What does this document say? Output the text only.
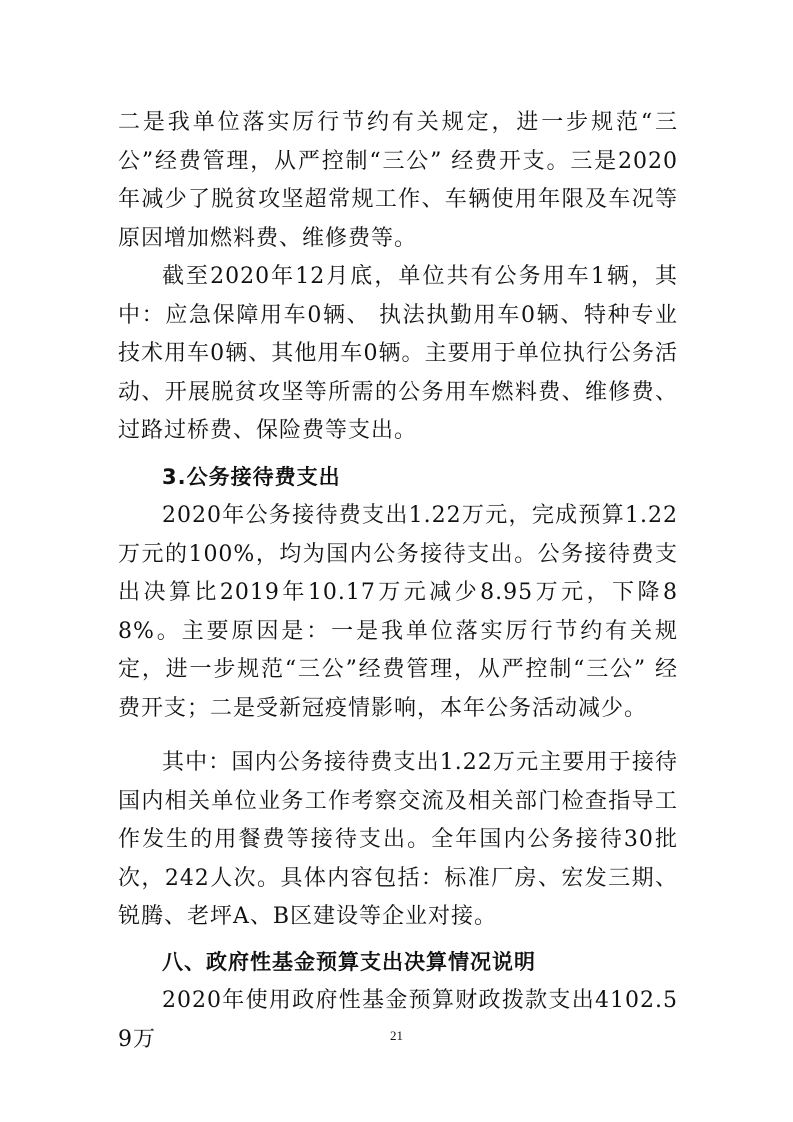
二是我单位落实厉行节约有关规定，进一步规范“三公”经费管理，从严控制“三公” 经费开支。三是2020年减少了脱贫攻坚超常规工作、车辆使用年限及车况等原因增加燃料费、维修费等。

截至2020年12月底，单位共有公务用车1辆，其中：应急保障用车0辆、 执法执勤用车0辆、特种专业技术用车0辆、其他用车0辆。主要用于单位执行公务活动、开展脱贫攻坚等所需的公务用车燃料费、维修费、过路过桥费、保险费等支出。

3.公务接待费支出

2020年公务接待费支出1.22万元，完成预算1.22万元的100%，均为国内公务接待支出。公务接待费支出决算比2019年10.17万元减少8.95万元，下降88%。主要原因是：一是我单位落实厉行节约有关规定，进一步规范“三公”经费管理，从严控制“三公” 经费开支；二是受新冠疫情影响，本年公务活动减少。

其中：国内公务接待费支出1.22万元主要用于接待国内相关单位业务工作考察交流及相关部门检查指导工作发生的用餐费等接待支出。全年国内公务接待30批次，242人次。具体内容包括：标准厂房、宏发三期、锐腾、老坪A、B区建设等企业对接。

八、政府性基金预算支出决算情况说明

2020年使用政府性基金预算财政拨款支出4102.59万	21
